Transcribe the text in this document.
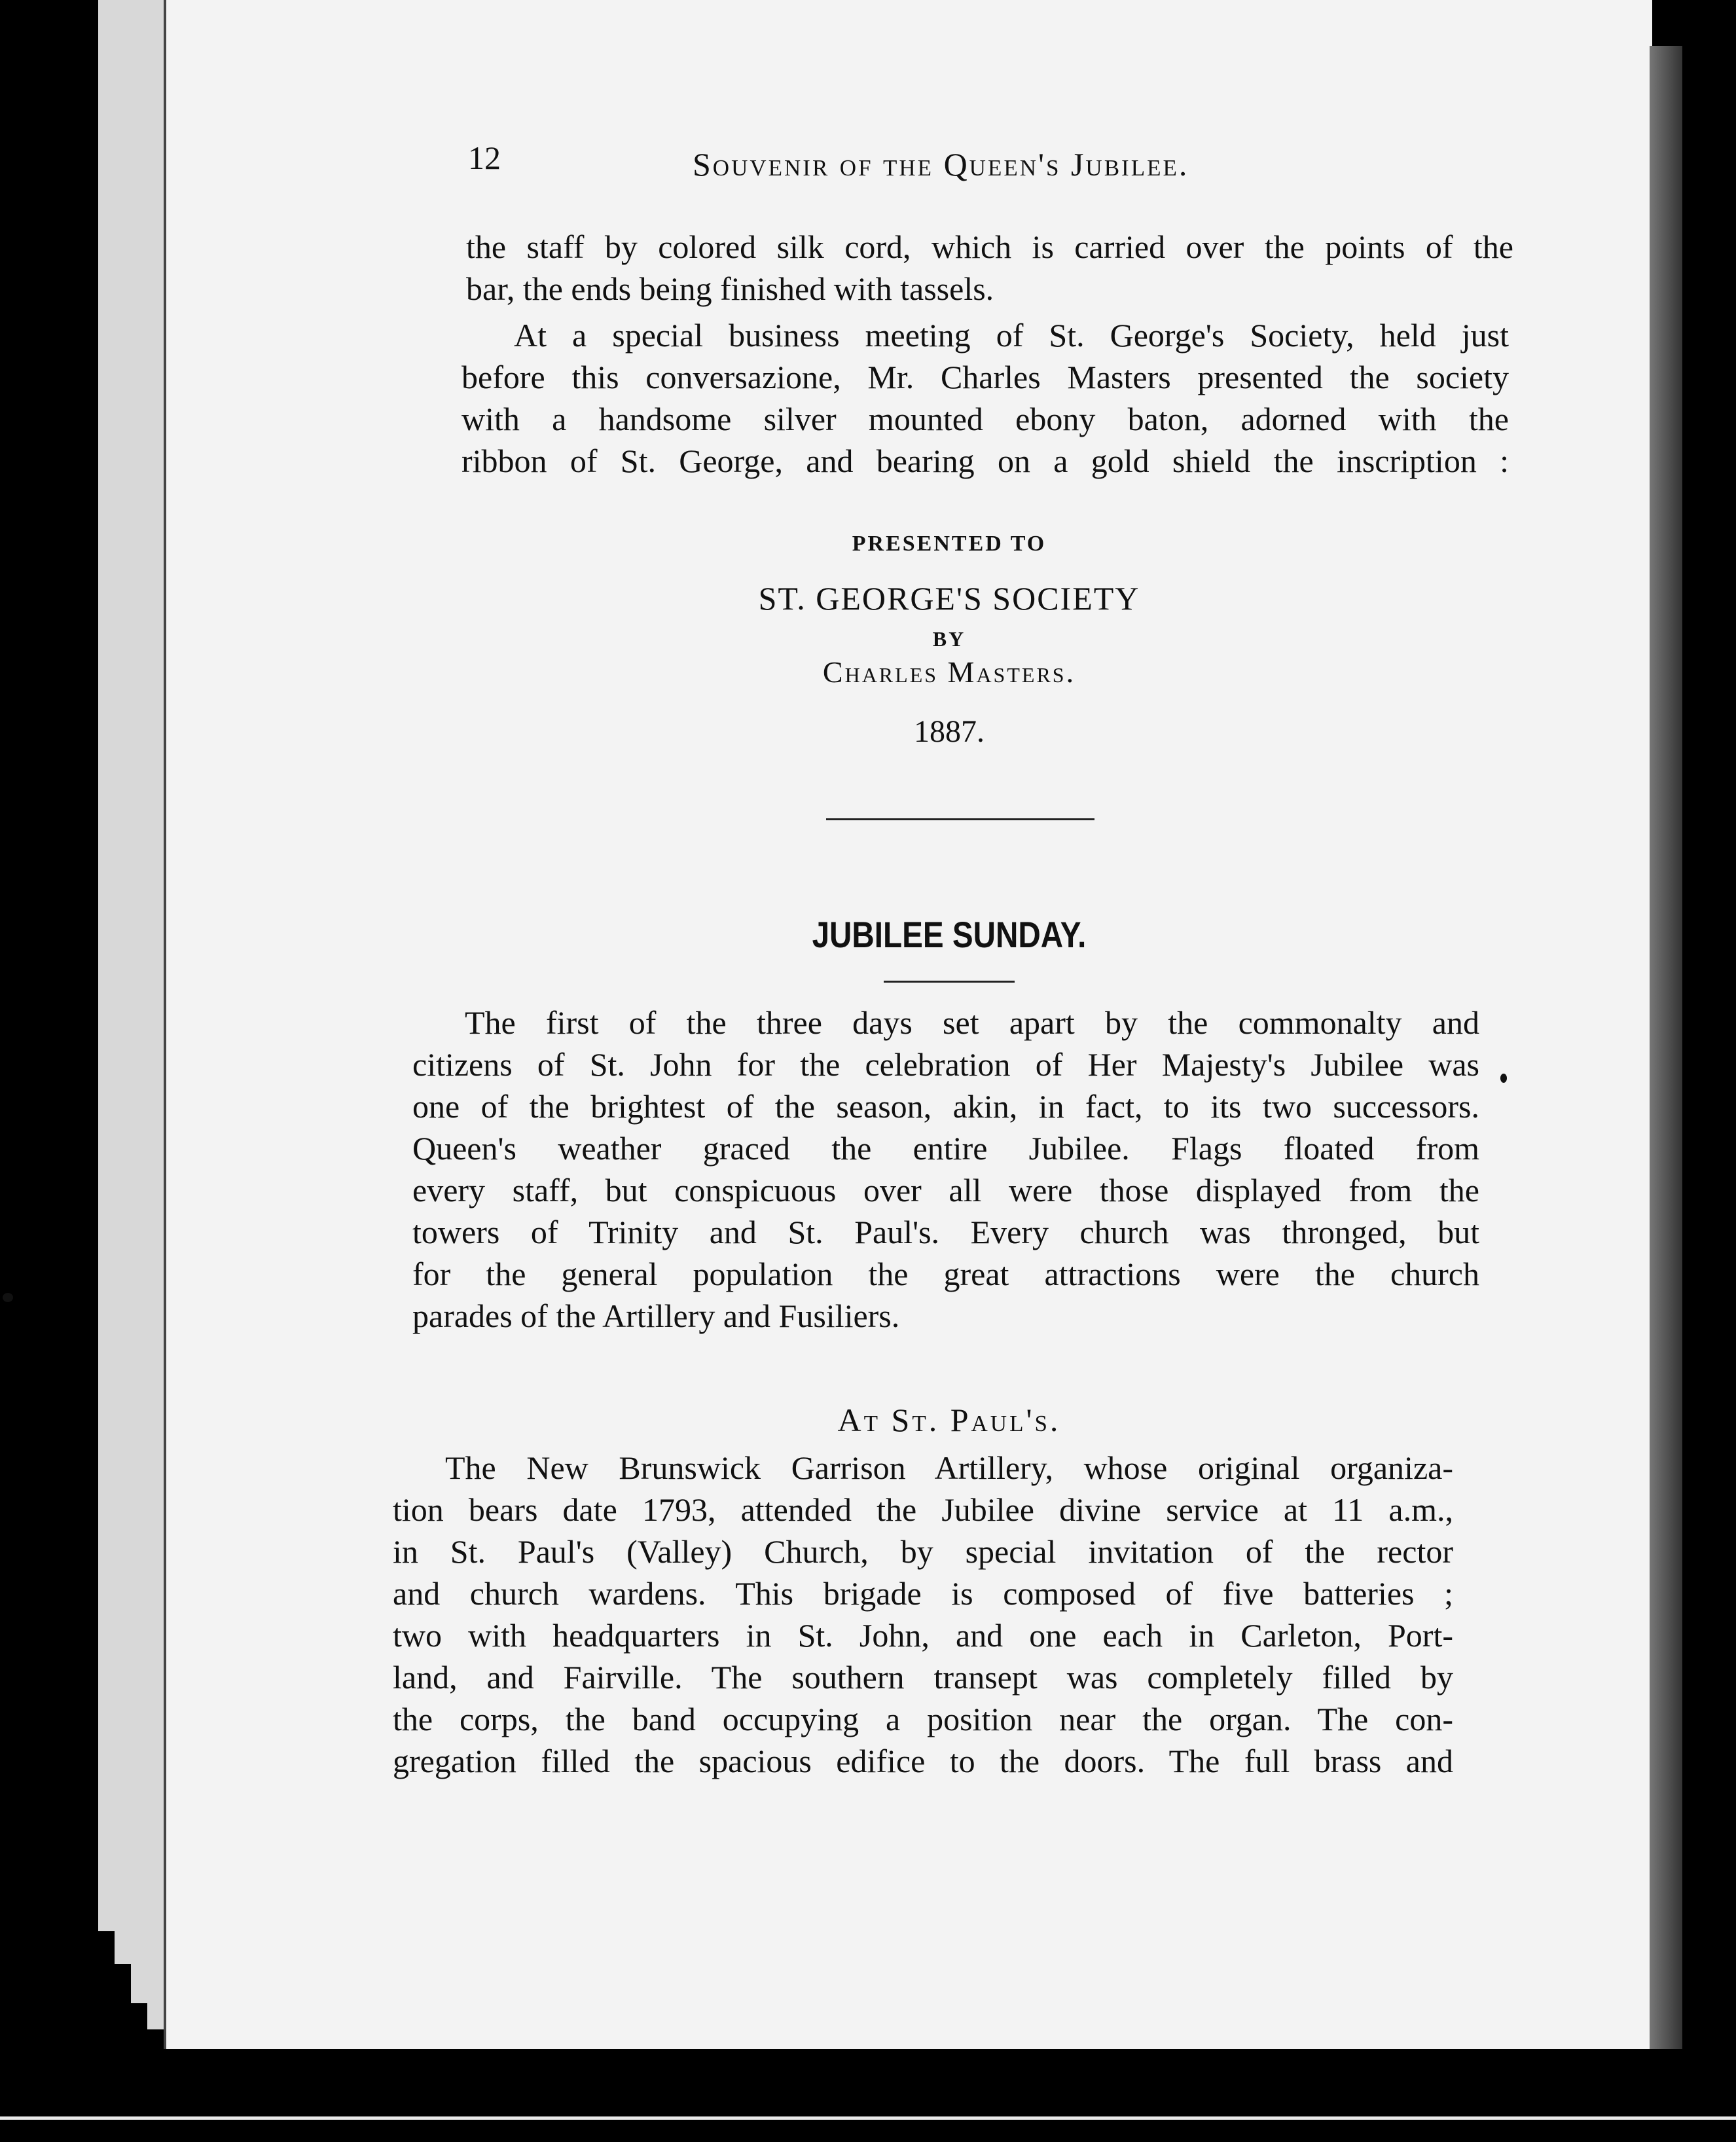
12	Souvenir of the Queen's Jubilee.

the staff by colored silk cord, which is carried over the points of the

bar, the ends being finished with tassels.

At a special business meeting of St. George's Society, held just

before this conversazione, Mr. Charles Masters presented the society

with a handsome silver mounted ebony baton, adorned with the

ribbon of St. George, and bearing on a gold shield the inscription :

PRESENTED TO
ST. GEORGE'S SOCIETY
BY
Charles Masters.
1887.
JUBILEE SUNDAY.

The first of the three days set apart by the commonalty and

citizens of St. John for the celebration of Her Majesty's Jubilee was

one of the brightest of the season, akin, in fact, to its two successors.

Queen's weather graced the entire Jubilee. Flags floated from

every staff, but conspicuous over all were those displayed from the

towers of Trinity and St. Paul's. Every church was thronged, but

for the general population the great attractions were the church

parades of the Artillery and Fusiliers.

At St. Paul's.

The New Brunswick Garrison Artillery, whose original organiza-

tion bears date 1793, attended the Jubilee divine service at 11 a.m.,

in St. Paul's (Valley) Church, by special invitation of the rector

and church wardens. This brigade is composed of five batteries ;

two with headquarters in St. John, and one each in Carleton, Port-

land, and Fairville. The southern transept was completely filled by

the corps, the band occupying a position near the organ. The con-

gregation filled the spacious edifice to the doors. The full brass and
